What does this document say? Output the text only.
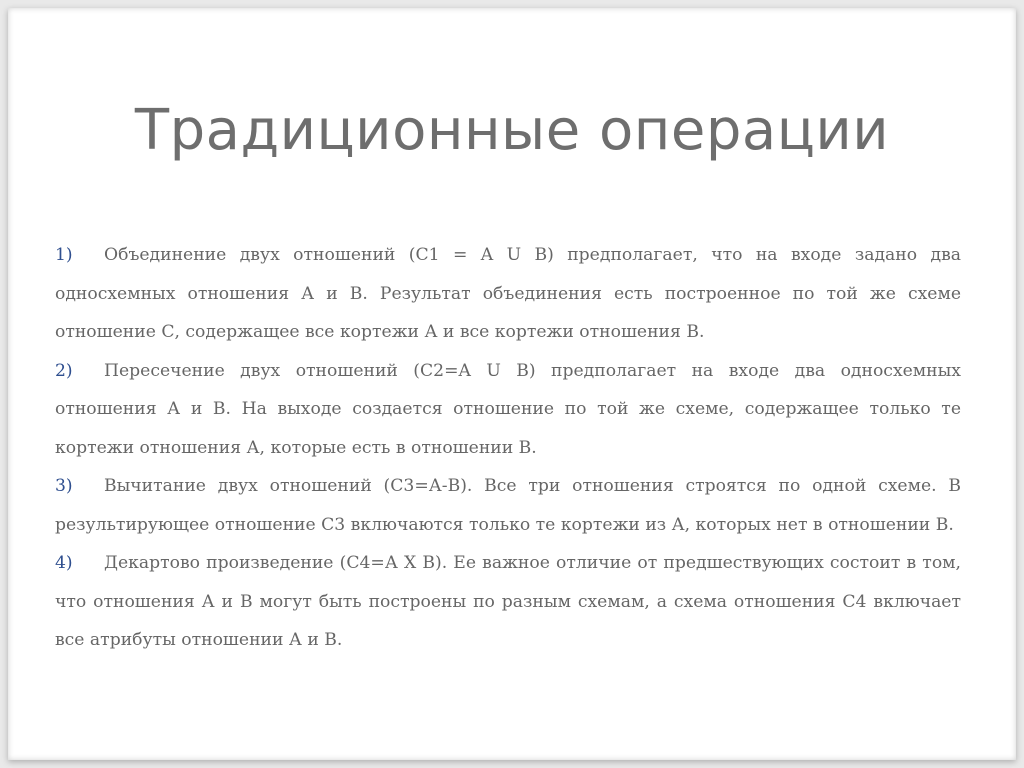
Традиционные операции

1) Объединение двух отношений (С1 = A U B) предполагает, что на входе задано два односхемных отношения А и В. Результат объединения есть построенное по той же схеме отношение С, содержащее все кортежи А и все кортежи отношения В.

2) Пересечение двух отношений (С2=A U B) предполагает на входе два односхемных отношения А и В. На выходе создается отношение по той же схеме, содержащее только те кортежи отношения А, которые есть в отношении В.

3) Вычитание двух отношений (С3=А-В). Все три отношения строятся по одной схеме. В результирующее отношение С3 включаются только те кортежи из А, которых нет в отношении В.

4) Декартово произведение (С4=А Х В). Ее важное отличие от предшествующих состоит в том, что отношения А и В могут быть построены по разным схемам, а схема отношения С4 включает все атрибуты отношении А и В.
